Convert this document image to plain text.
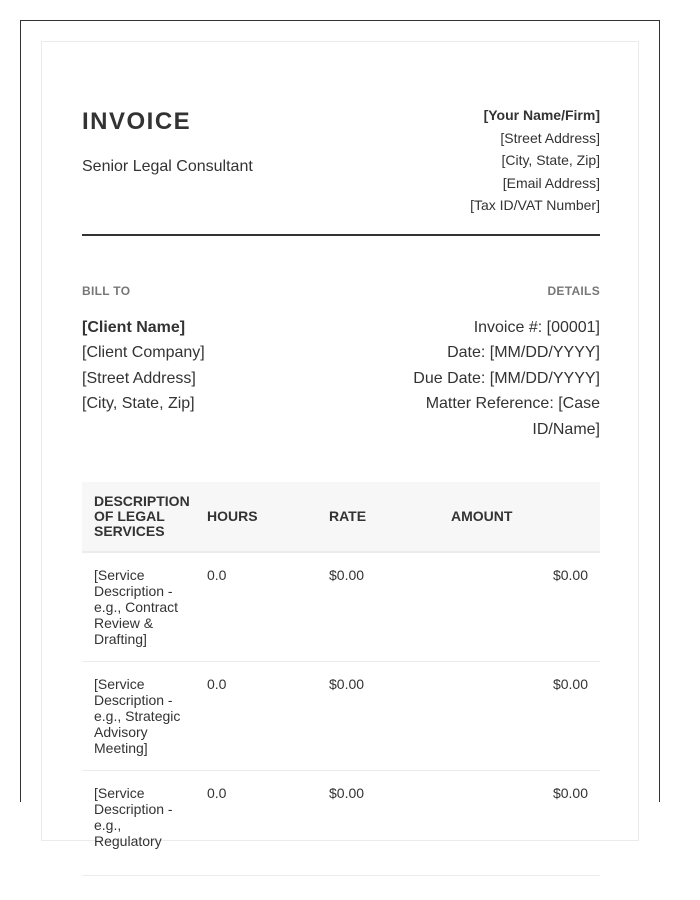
INVOICE
Senior Legal Consultant
[Your Name/Firm]
[Street Address]
[City, State, Zip]
[Email Address]
[Tax ID/VAT Number]
BILL TO
[Client Name]
[Client Company]
[Street Address]
[City, State, Zip]
DETAILS
Invoice #: [00001]
Date: [MM/DD/YYYY]
Due Date: [MM/DD/YYYY]
Matter Reference: [Case ID/Name]
DESCRIPTION OF LEGAL SERVICES	HOURS	RATE	AMOUNT
[Service Description - e.g., Contract Review & Drafting]	0.0	$0.00	$0.00
[Service Description - e.g., Strategic Advisory Meeting]	0.0	$0.00	$0.00
[Service Description - e.g., Regulatory	0.0	$0.00	$0.00
